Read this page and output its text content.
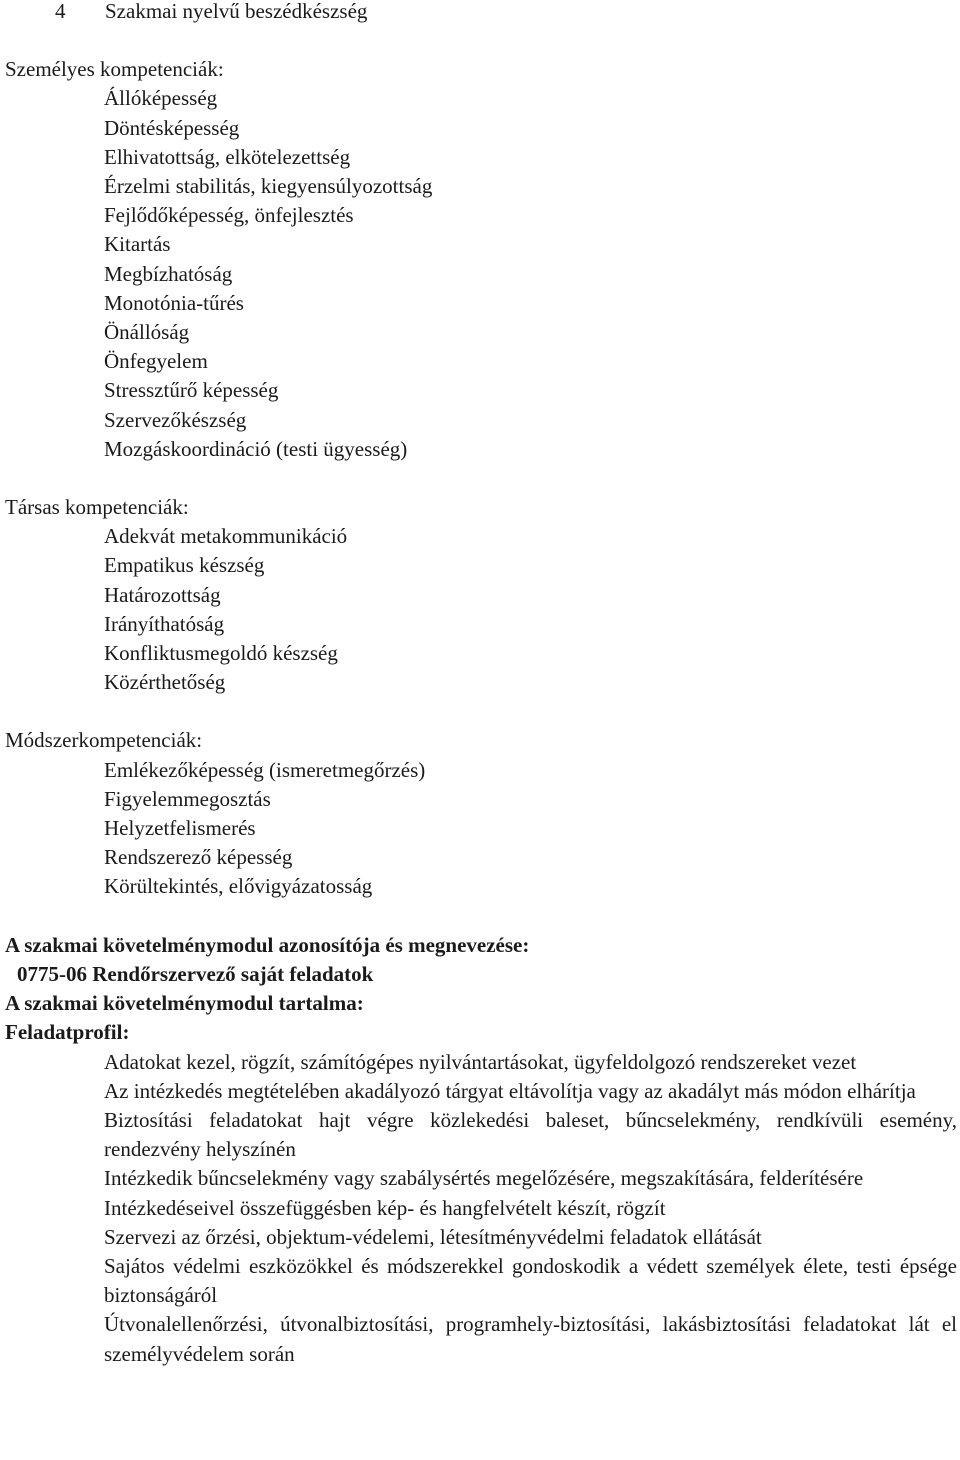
4	Szakmai nyelvű beszédkészség

Személyes kompetenciák:

Állóképesség
Döntésképesség
Elhivatottság, elkötelezettség
Érzelmi stabilitás, kiegyensúlyozottság
Fejlődőképesség, önfejlesztés
Kitartás
Megbízhatóság
Monotónia-tűrés
Önállóság
Önfegyelem
Stressztűrő képesség
Szervezőkészség
Mozgáskoordináció (testi ügyesség)

Társas kompetenciák:

Adekvát metakommunikáció
Empatikus készség
Határozottság
Irányíthatóság
Konfliktusmegoldó készség
Közérthetőség

Módszerkompetenciák:

Emlékezőképesség (ismeretmegőrzés)
Figyelemmegosztás
Helyzetfelismerés
Rendszerező képesség
Körültekintés, elővigyázatosság
A szakmai követelménymodul azonosítója és megnevezése:
0775-06 Rendőrszervező saját feladatok
A szakmai követelménymodul tartalma:
Feladatprofil:
Adatokat kezel, rögzít, számítógépes nyilvántartásokat, ügyfeldolgozó rendszereket vezet
Az intézkedés megtételében akadályozó tárgyat eltávolítja vagy az akadályt más módon elhárítja
Biztosítási feladatokat hajt végre közlekedési baleset, bűncselekmény, rendkívüli esemény, rendezvény helyszínén
Intézkedik bűncselekmény vagy szabálysértés megelőzésére, megszakítására, felderítésére
Intézkedéseivel összefüggésben kép- és hangfelvételt készít, rögzít
Szervezi az őrzési, objektum-védelemi, létesítményvédelmi feladatok ellátását
Sajátos védelmi eszközökkel és módszerekkel gondoskodik a védett személyek élete, testi épsége biztonságáról
Útvonalellenőrzési, útvonalbiztosítási, programhely-biztosítási, lakásbiztosítási feladatokat lát el személyvédelem során
